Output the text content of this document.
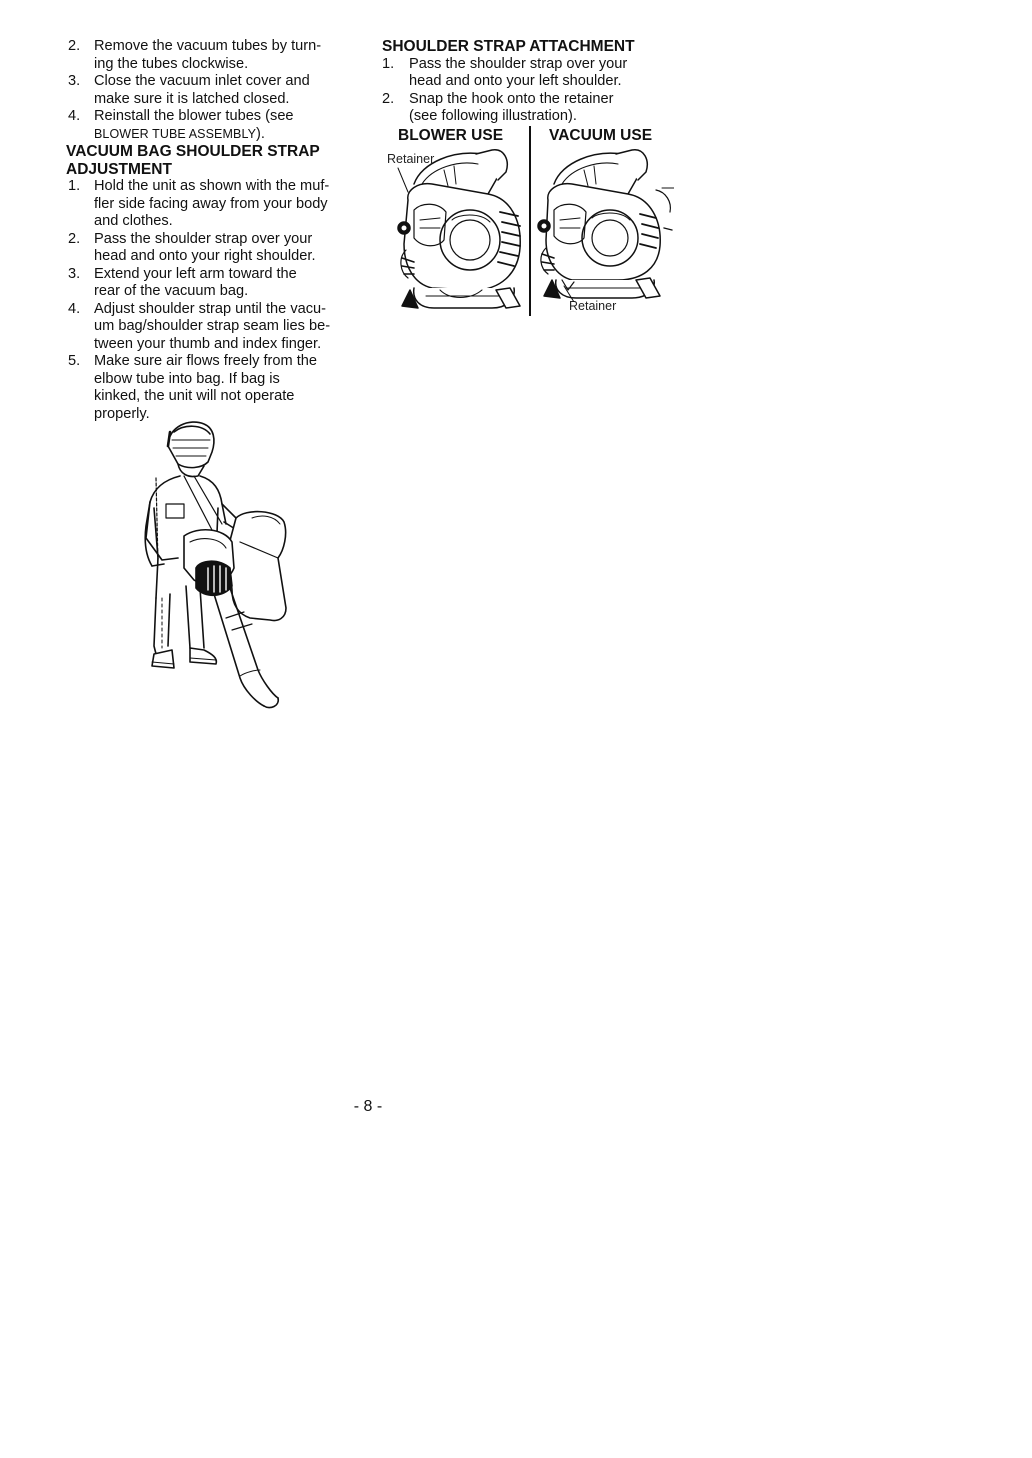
2. Remove the vacuum tubes by turn-
ing the tubes clockwise.
3. Close the vacuum inlet cover and
make sure it is latched closed.
4. Reinstall the blower tubes (see
BLOWER TUBE ASSEMBLY).

VACUUM BAG SHOULDER STRAP
ADJUSTMENT

1. Hold the unit as shown with the muf-
fler side facing away from your body
and clothes.
2. Pass the shoulder strap over your
head and onto your right shoulder.
3. Extend your left arm toward the
rear of the vacuum bag.
4. Adjust shoulder strap until the vacu-
um bag/shoulder strap seam lies be-
tween your thumb and index finger.
5. Make sure air flows freely from the
elbow tube into bag. If bag is
kinked, the unit will not operate
properly.

SHOULDER STRAP ATTACHMENT

1. Pass the shoulder strap over your
head and onto your left shoulder.
2. Snap the hook onto the retainer
(see following illustration).
BLOWER USE	VACUUM USE
Retainer
Retainer
- 8 -
